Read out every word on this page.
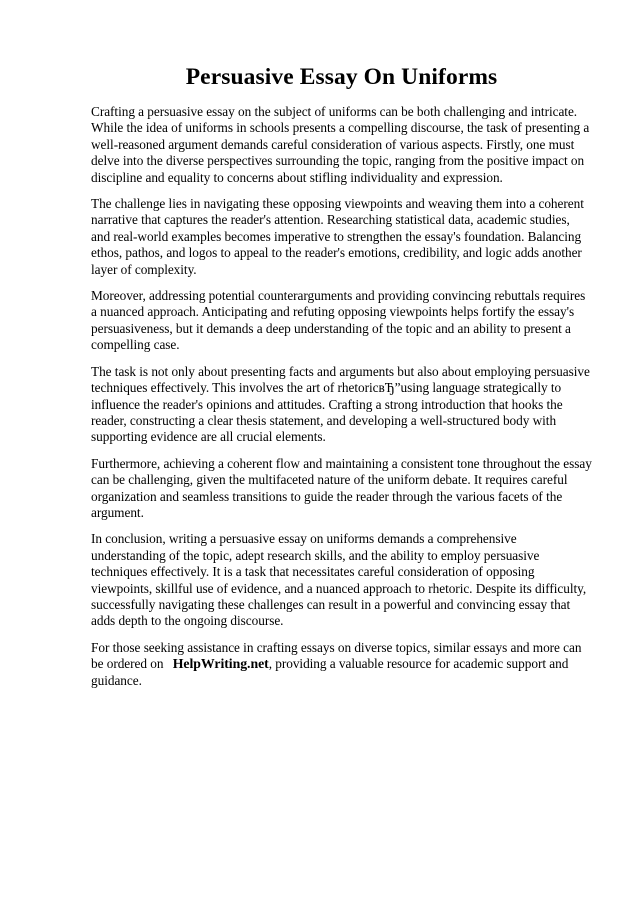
Persuasive Essay On Uniforms

Crafting a persuasive essay on the subject of uniforms can be both challenging and intricate. While the idea of uniforms in schools presents a compelling discourse, the task of presenting a well-reasoned argument demands careful consideration of various aspects. Firstly, one must delve into the diverse perspectives surrounding the topic, ranging from the positive impact on discipline and equality to concerns about stifling individuality and expression.

The challenge lies in navigating these opposing viewpoints and weaving them into a coherent narrative that captures the reader's attention. Researching statistical data, academic studies, and real-world examples becomes imperative to strengthen the essay's foundation. Balancing ethos, pathos, and logos to appeal to the reader's emotions, credibility, and logic adds another layer of complexity.

Moreover, addressing potential counterarguments and providing convincing rebuttals requires a nuanced approach. Anticipating and refuting opposing viewpoints helps fortify the essay's persuasiveness, but it demands a deep understanding of the topic and an ability to present a compelling case.

The task is not only about presenting facts and arguments but also about employing persuasive techniques effectively. This involves the art of rhetoricвЂ”using language strategically to influence the reader's opinions and attitudes. Crafting a strong introduction that hooks the reader, constructing a clear thesis statement, and developing a well-structured body with supporting evidence are all crucial elements.

Furthermore, achieving a coherent flow and maintaining a consistent tone throughout the essay can be challenging, given the multifaceted nature of the uniform debate. It requires careful organization and seamless transitions to guide the reader through the various facets of the argument.

In conclusion, writing a persuasive essay on uniforms demands a comprehensive understanding of the topic, adept research skills, and the ability to employ persuasive techniques effectively. It is a task that necessitates careful consideration of opposing viewpoints, skillful use of evidence, and a nuanced approach to rhetoric. Despite its difficulty, successfully navigating these challenges can result in a powerful and convincing essay that adds depth to the ongoing discourse.

For those seeking assistance in crafting essays on diverse topics, similar essays and more can be ordered on HelpWriting.net, providing a valuable resource for academic support and guidance.
